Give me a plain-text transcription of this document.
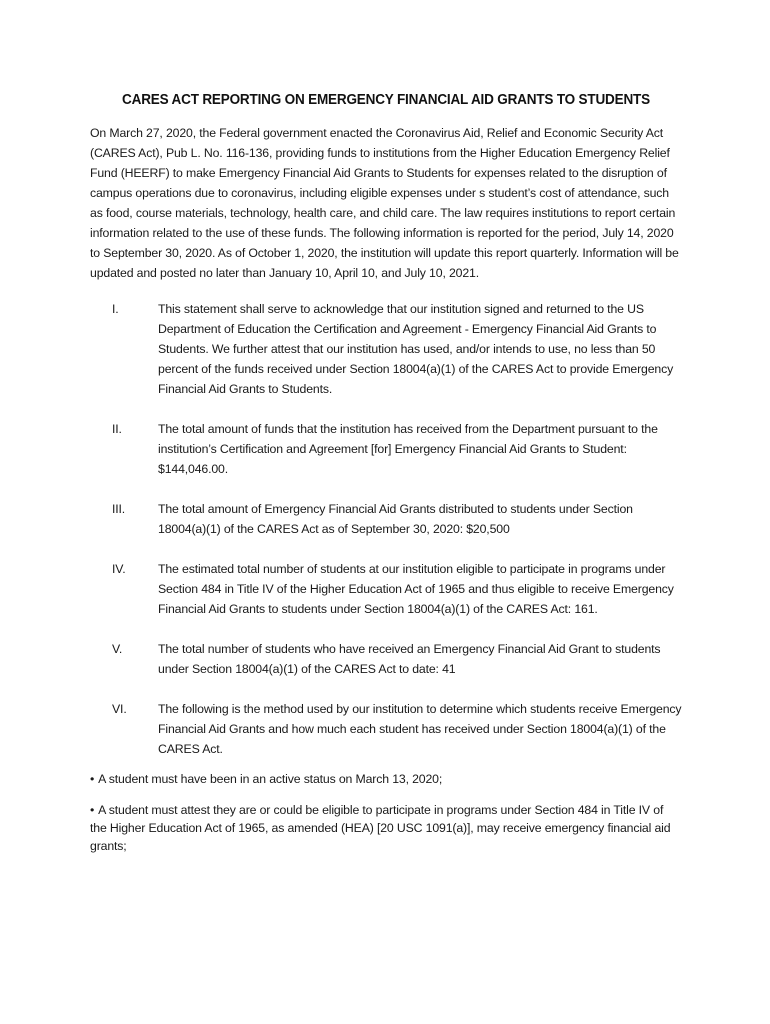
CARES ACT REPORTING ON EMERGENCY FINANCIAL AID GRANTS TO STUDENTS

On March 27, 2020, the Federal government enacted the Coronavirus Aid, Relief and Economic Security Act (CARES Act), Pub L. No. 116-136, providing funds to institutions from the Higher Education Emergency Relief Fund (HEERF) to make Emergency Financial Aid Grants to Students for expenses related to the disruption of campus operations due to coronavirus, including eligible expenses under s student’s cost of attendance, such as food, course materials, technology, health care, and child care. The law requires institutions to report certain information related to the use of these funds. The following information is reported for the period, July 14, 2020 to September 30, 2020. As of October 1, 2020, the institution will update this report quarterly. Information will be updated and posted no later than January 10, April 10, and July 10, 2021.

I.	This statement shall serve to acknowledge that our institution signed and returned to the US Department of Education the Certification and Agreement - Emergency Financial Aid Grants to Students. We further attest that our institution has used, and/or intends to use, no less than 50 percent of the funds received under Section 18004(a)(1) of the CARES Act to provide Emergency Financial Aid Grants to Students.
II.	The total amount of funds that the institution has received from the Department pursuant to the institution’s Certification and Agreement [for] Emergency Financial Aid Grants to Student: $144,046.00.
III.	The total amount of Emergency Financial Aid Grants distributed to students under Section 18004(a)(1) of the CARES Act as of September 30, 2020: $20,500
IV.	The estimated total number of students at our institution eligible to participate in programs under Section 484 in Title IV of the Higher Education Act of 1965 and thus eligible to receive Emergency Financial Aid Grants to students under Section 18004(a)(1) of the CARES Act: 161.
V.	The total number of students who have received an Emergency Financial Aid Grant to students under Section 18004(a)(1) of the CARES Act to date: 41
VI.	The following is the method used by our institution to determine which students receive Emergency Financial Aid Grants and how much each student has received under Section 18004(a)(1) of the CARES Act.

• A student must have been in an active status on March 13, 2020;

• A student must attest they are or could be eligible to participate in programs under Section 484 in Title IV of the Higher Education Act of 1965, as amended (HEA) [20 USC 1091(a)], may receive emergency financial aid grants;
